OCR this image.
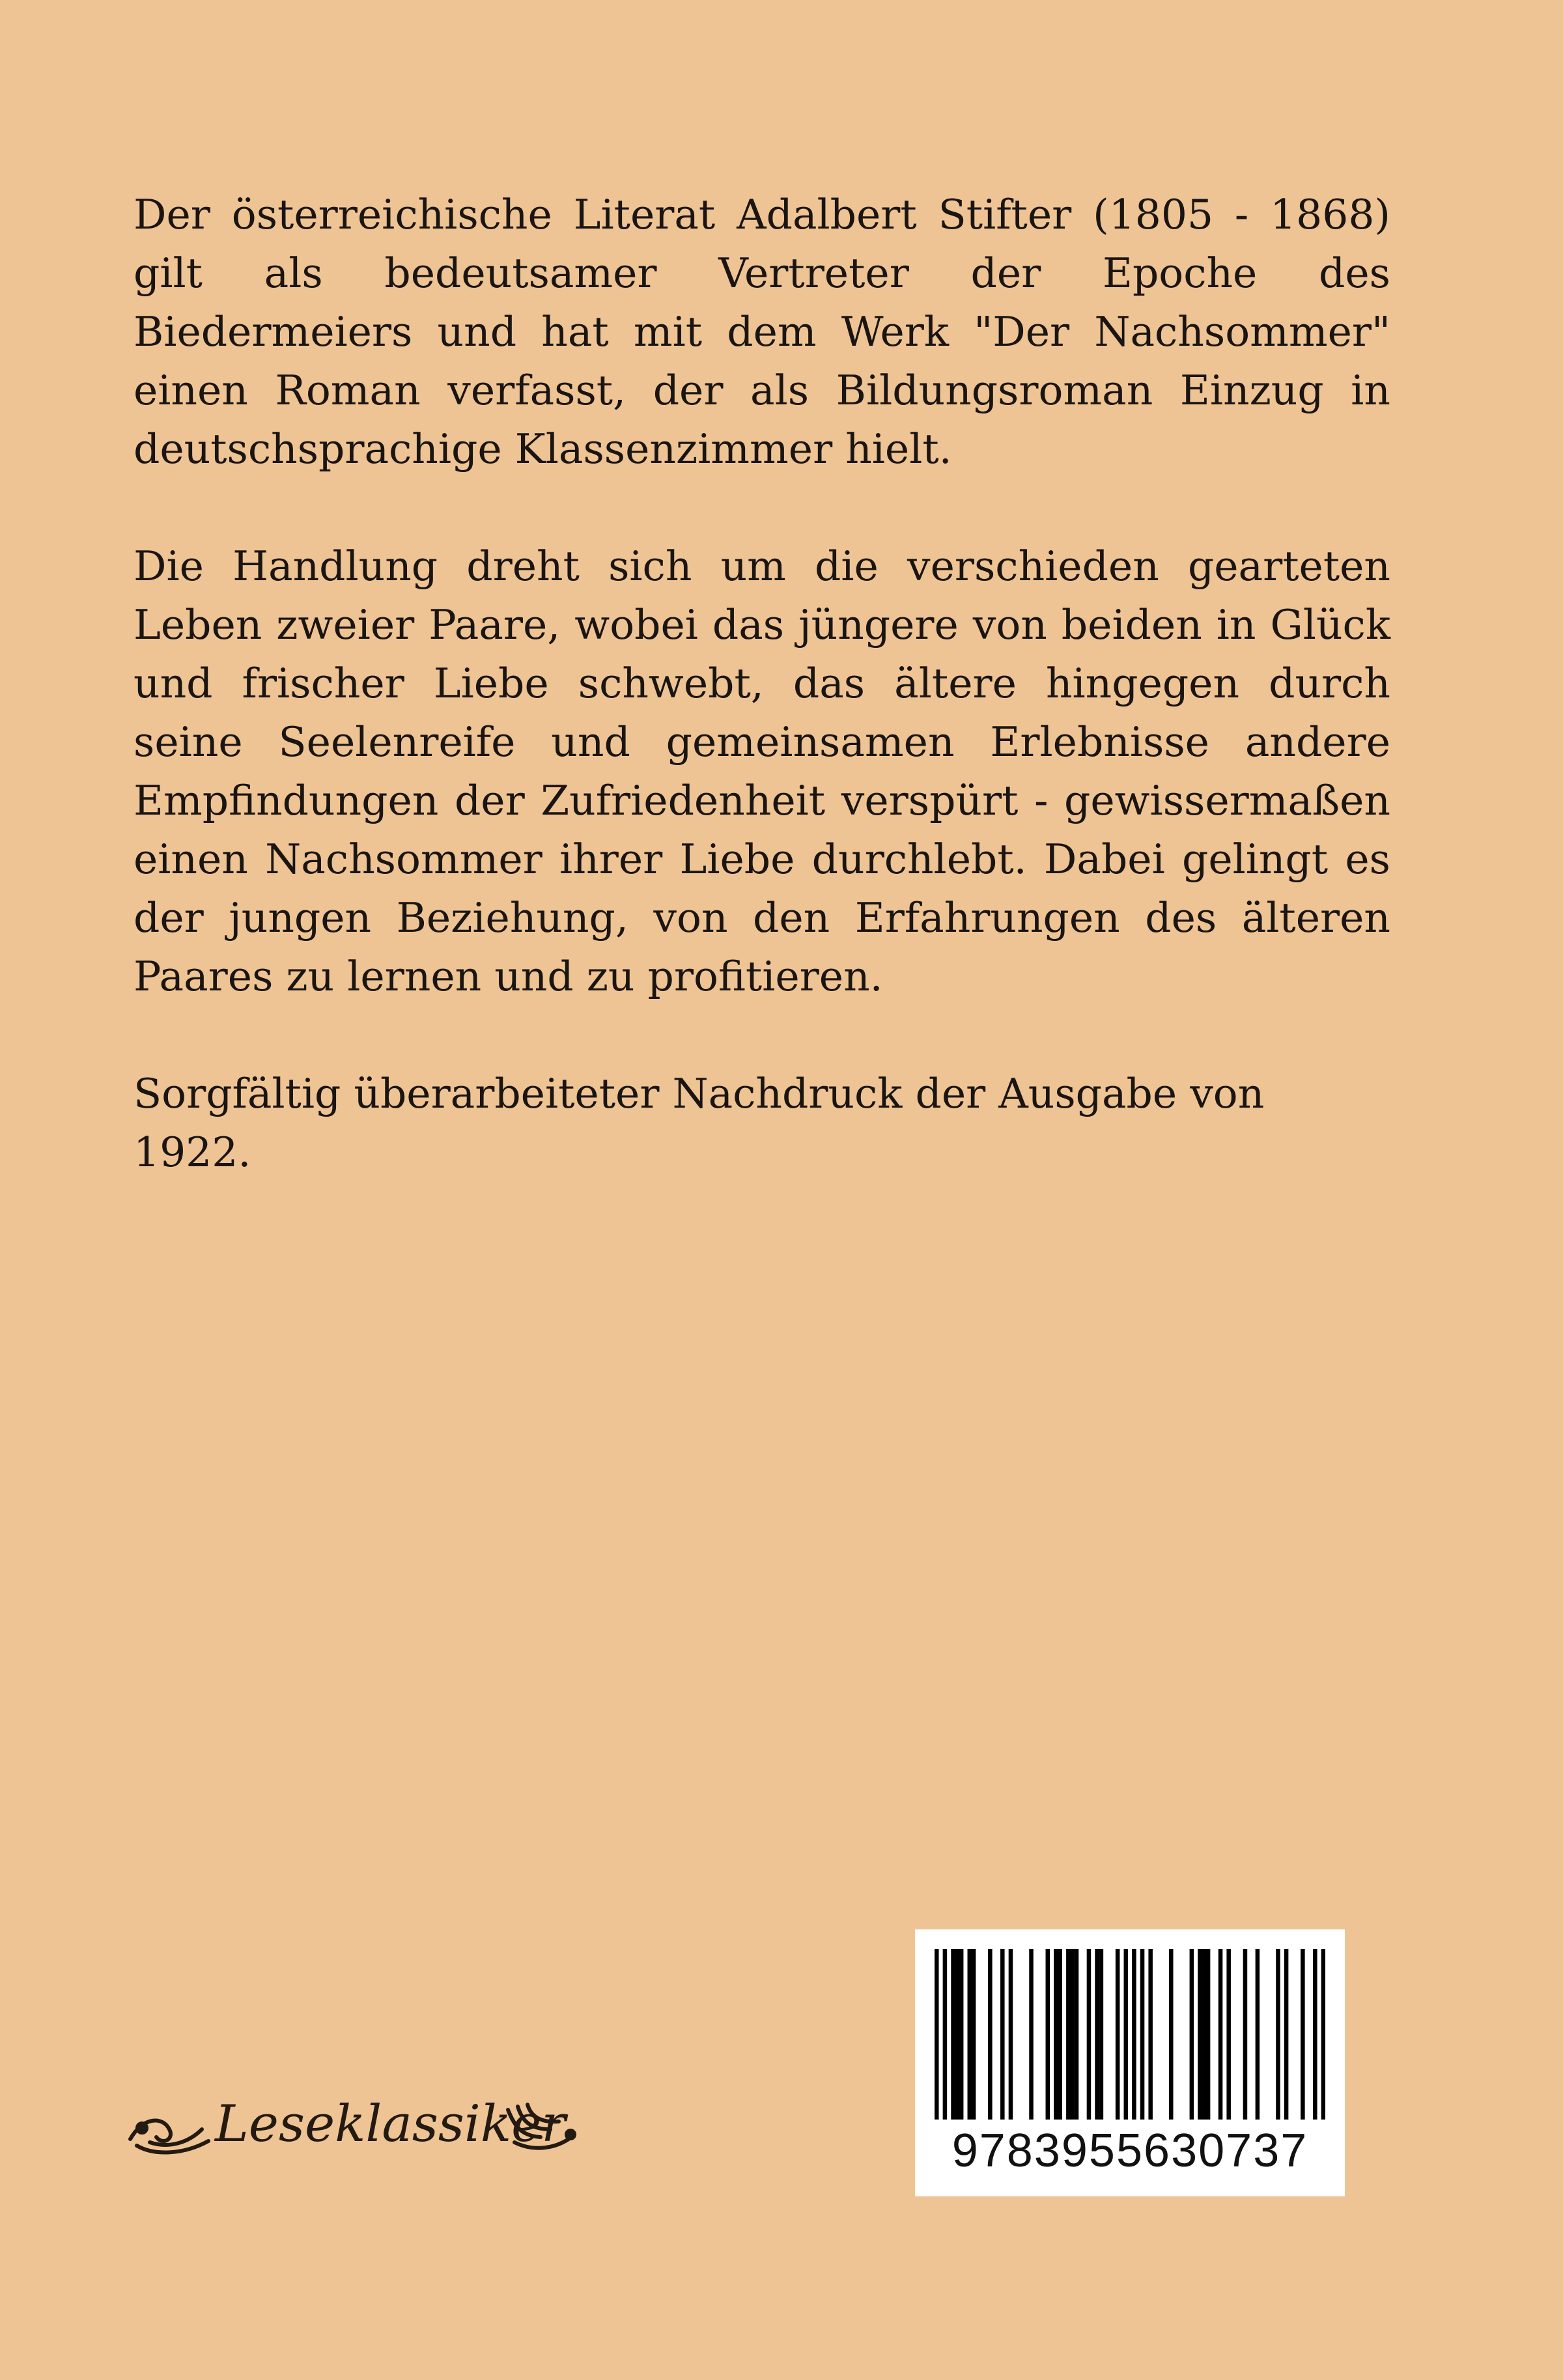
Der österreichische Literat Adalbert Stifter (1805 - 1868) gilt als bedeutsamer Vertreter der Epoche des Biedermeiers und hat mit dem Werk "Der Nachsommer" einen Roman verfasst, der als Bildungsroman Einzug in deutschsprachige Klassenzimmer hielt.

Die Handlung dreht sich um die verschieden gearteten Leben zweier Paare, wobei das jüngere von beiden in Glück und frischer Liebe schwebt, das ältere hingegen durch seine Seelenreife und gemeinsamen Erlebnisse andere Empfindungen der Zufriedenheit verspürt - gewissermaßen einen Nachsommer ihrer Liebe durchlebt. Dabei gelingt es der jungen Beziehung, von den Erfahrungen des älteren Paares zu lernen und zu profitieren.

Sorgfältig überarbeiteter Nachdruck der Ausgabe von 1922.

Leseklassiker	9783955630737
